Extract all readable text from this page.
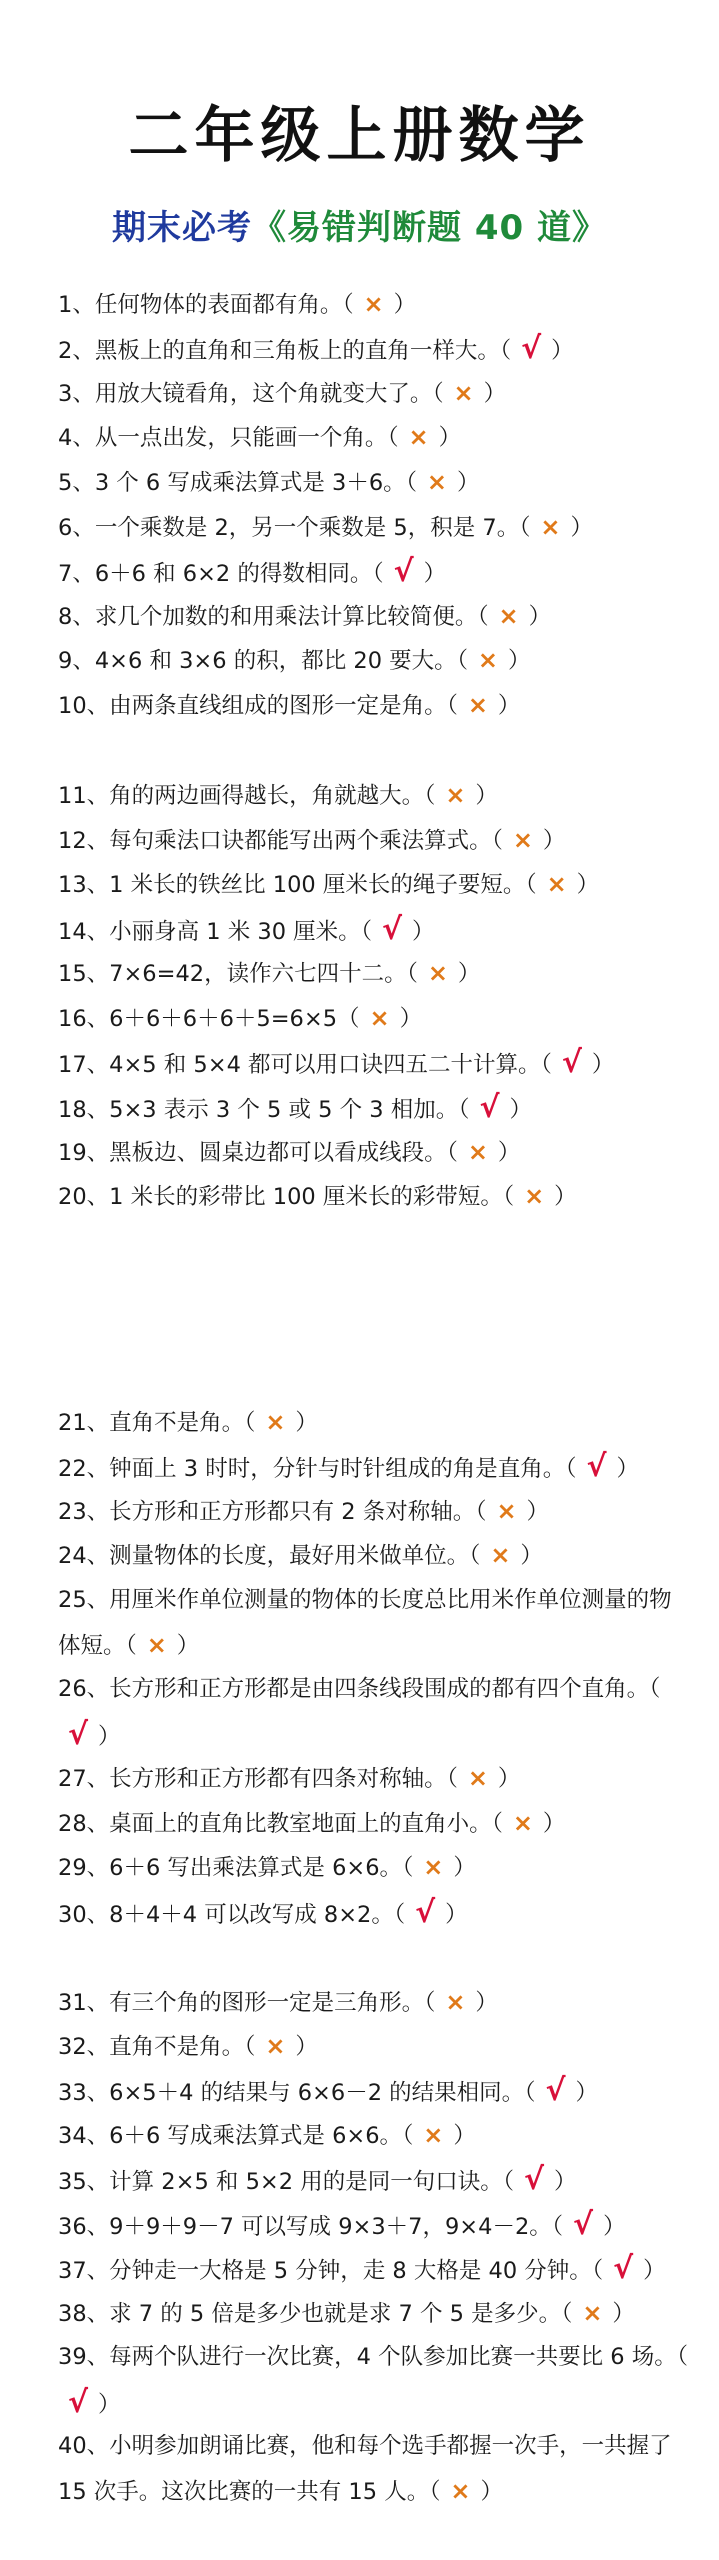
二年级上册数学
期末必考《易错判断题 40 道》
1、任何物体的表面都有角。（ × ）
2、黑板上的直角和三角板上的直角一样大。（ √ ）
3、用放大镜看角，这个角就变大了。（ × ）
4、从一点出发，只能画一个角。（ × ）
5、3 个 6 写成乘法算式是 3＋6。（ × ）
6、一个乘数是 2，另一个乘数是 5，积是 7。（ × ）
7、6＋6 和 6×2 的得数相同。（ √ ）
8、求几个加数的和用乘法计算比较简便。（ × ）
9、4×6 和 3×6 的积，都比 20 要大。（ × ）
10、由两条直线组成的图形一定是角。（ × ）
11、角的两边画得越长，角就越大。（ × ）
12、每句乘法口诀都能写出两个乘法算式。（ × ）
13、1 米长的铁丝比 100 厘米长的绳子要短。（ × ）
14、小丽身高 1 米 30 厘米。（ √ ）
15、7×6=42，读作六七四十二。（ × ）
16、6＋6＋6＋6＋5=6×5（ × ）
17、4×5 和 5×4 都可以用口诀四五二十计算。（ √ ）
18、5×3 表示 3 个 5 或 5 个 3 相加。（ √ ）
19、黑板边、圆桌边都可以看成线段。（ × ）
20、1 米长的彩带比 100 厘米长的彩带短。（ × ）
21、直角不是角。（ × ）
22、钟面上 3 时时，分针与时针组成的角是直角。（ √ ）
23、长方形和正方形都只有 2 条对称轴。（ × ）
24、测量物体的长度，最好用米做单位。（ × ）
25、用厘米作单位测量的物体的长度总比用米作单位测量的物体短。（ × ）
26、长方形和正方形都是由四条线段围成的都有四个直角。（√ ）
27、长方形和正方形都有四条对称轴。（ × ）
28、桌面上的直角比教室地面上的直角小。（ × ）
29、6＋6 写出乘法算式是 6×6。（ × ）
30、8＋4＋4 可以改写成 8×2。（ √ ）
31、有三个角的图形一定是三角形。（ × ）
32、直角不是角。（ × ）
33、6×5＋4 的结果与 6×6－2 的结果相同。（ √ ）
34、6＋6 写成乘法算式是 6×6。（ × ）
35、计算 2×5 和 5×2 用的是同一句口诀。（ √ ）
36、9＋9＋9－7 可以写成 9×3＋7，9×4－2。（ √ ）
37、分钟走一大格是 5 分钟，走 8 大格是 40 分钟。（ √ ）
38、求 7 的 5 倍是多少也就是求 7 个 5 是多少。（ × ）
39、每两个队进行一次比赛，4 个队参加比赛一共要比 6 场。（√ ）
40、小明参加朗诵比赛，他和每个选手都握一次手，一共握了 15 次手。这次比赛的一共有 15 人。（ × ）
